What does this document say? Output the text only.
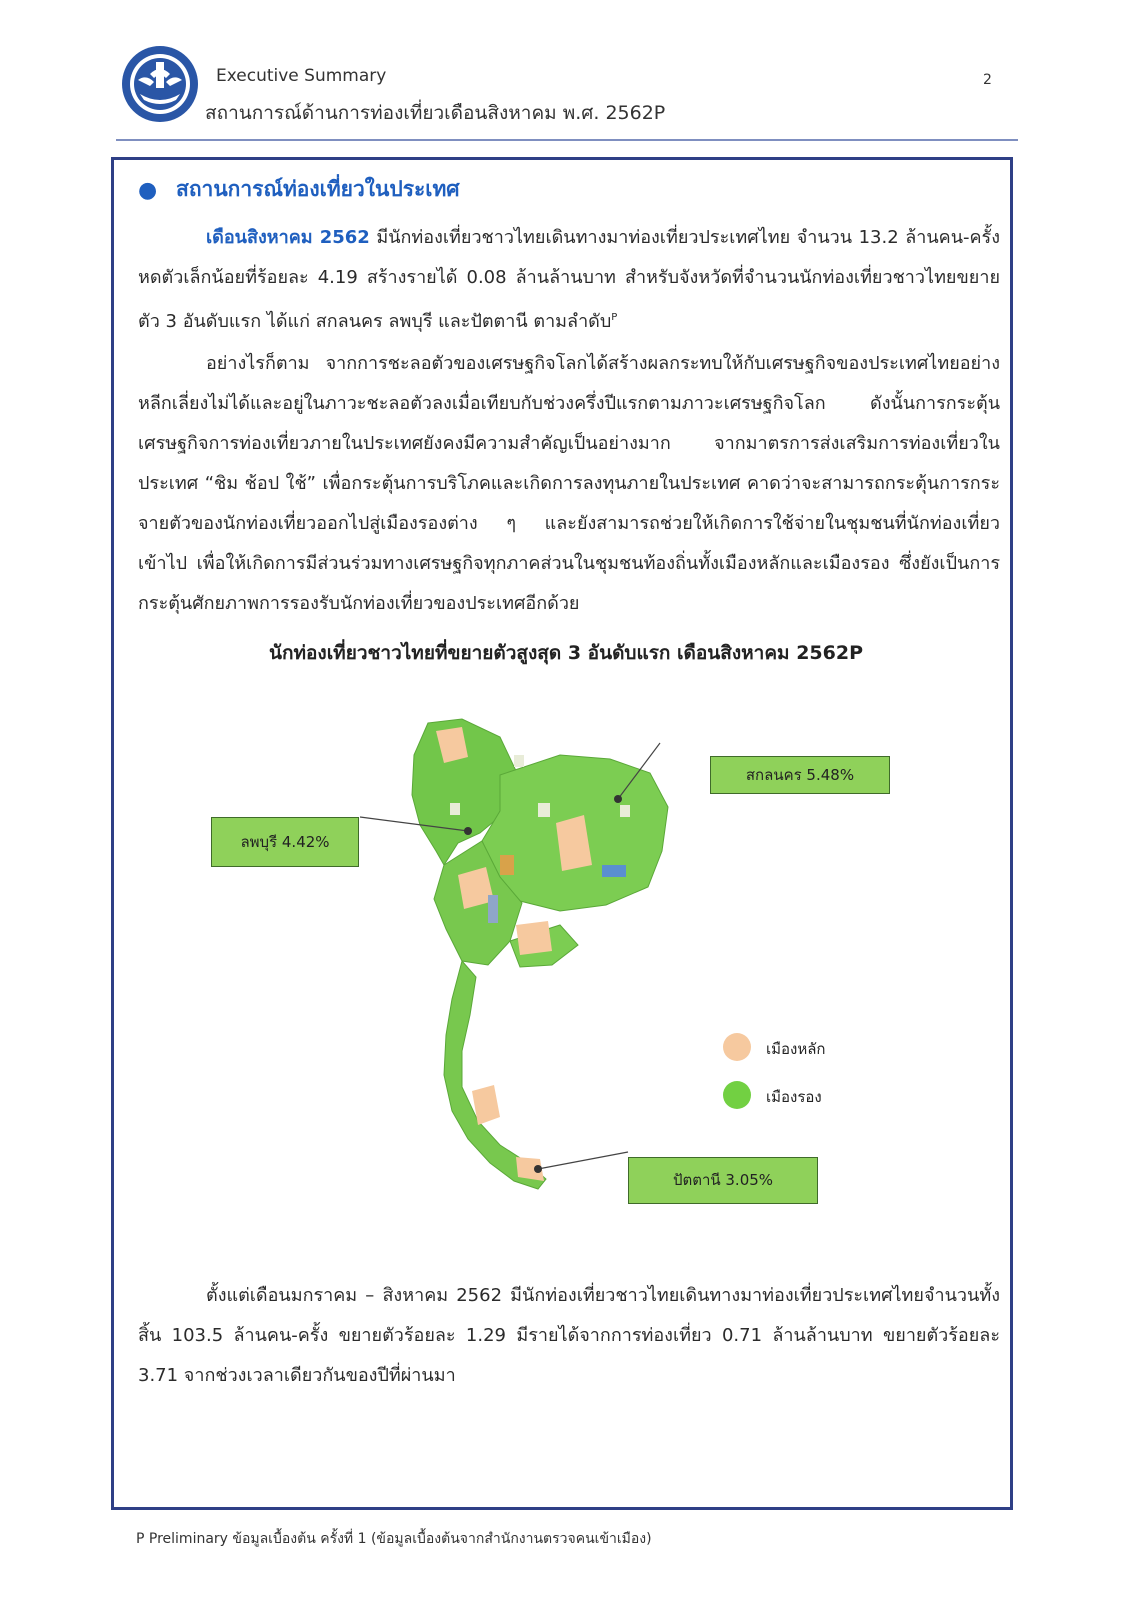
Executive Summary
สถานการณ์ด้านการท่องเที่ยวเดือนสิงหาคม พ.ศ. 2562P
2
● สถานการณ์ท่องเที่ยวในประเทศ

เดือนสิงหาคม 2562 มีนักท่องเที่ยวชาวไทยเดินทางมาท่องเที่ยวประเทศไทย จำนวน 13.2 ล้านคน-ครั้ง หดตัวเล็กน้อยที่ร้อยละ 4.19 สร้างรายได้ 0.08 ล้านล้านบาท สำหรับจังหวัดที่จำนวนนักท่องเที่ยวชาวไทยขยายตัว 3 อันดับแรก ได้แก่ สกลนคร ลพบุรี และปัตตานี ตามลำดับ$^P$

อย่างไรก็ตาม จากการชะลอตัวของเศรษฐกิจโลกได้สร้างผลกระทบให้กับเศรษฐกิจของประเทศไทยอย่างหลีกเลี่ยงไม่ได้และอยู่ในภาวะชะลอตัวลงเมื่อเทียบกับช่วงครึ่งปีแรกตามภาวะเศรษฐกิจโลก ดังนั้นการกระตุ้นเศรษฐกิจการท่องเที่ยวภายในประเทศยังคงมีความสำคัญเป็นอย่างมาก จากมาตรการส่งเสริมการท่องเที่ยวในประเทศ “ชิม ช้อป ใช้” เพื่อกระตุ้นการบริโภคและเกิดการลงทุนภายในประเทศ คาดว่าจะสามารถกระตุ้นการกระจายตัวของนักท่องเที่ยวออกไปสู่เมืองรองต่าง ๆ และยังสามารถช่วยให้เกิดการใช้จ่ายในชุมชนที่นักท่องเที่ยวเข้าไป เพื่อให้เกิดการมีส่วนร่วมทางเศรษฐกิจทุกภาคส่วนในชุมชนท้องถิ่นทั้งเมืองหลักและเมืองรอง ซึ่งยังเป็นการกระตุ้นศักยภาพการรองรับนักท่องเที่ยวของประเทศอีกด้วย

นักท่องเที่ยวชาวไทยที่ขยายตัวสูงสุด 3 อันดับแรก เดือนสิงหาคม 2562P
สกลนคร 5.48%
ลพบุรี 4.42%
ปัตตานี 3.05%
เมืองหลัก
เมืองรอง

ตั้งแต่เดือนมกราคม – สิงหาคม 2562 มีนักท่องเที่ยวชาวไทยเดินทางมาท่องเที่ยวประเทศไทยจำนวนทั้งสิ้น 103.5 ล้านคน-ครั้ง ขยายตัวร้อยละ 1.29 มีรายได้จากการท่องเที่ยว 0.71 ล้านล้านบาท ขยายตัวร้อยละ 3.71 จากช่วงเวลาเดียวกันของปีที่ผ่านมา

P Preliminary ข้อมูลเบื้องต้น ครั้งที่ 1 (ข้อมูลเบื้องต้นจากสำนักงานตรวจคนเข้าเมือง)
